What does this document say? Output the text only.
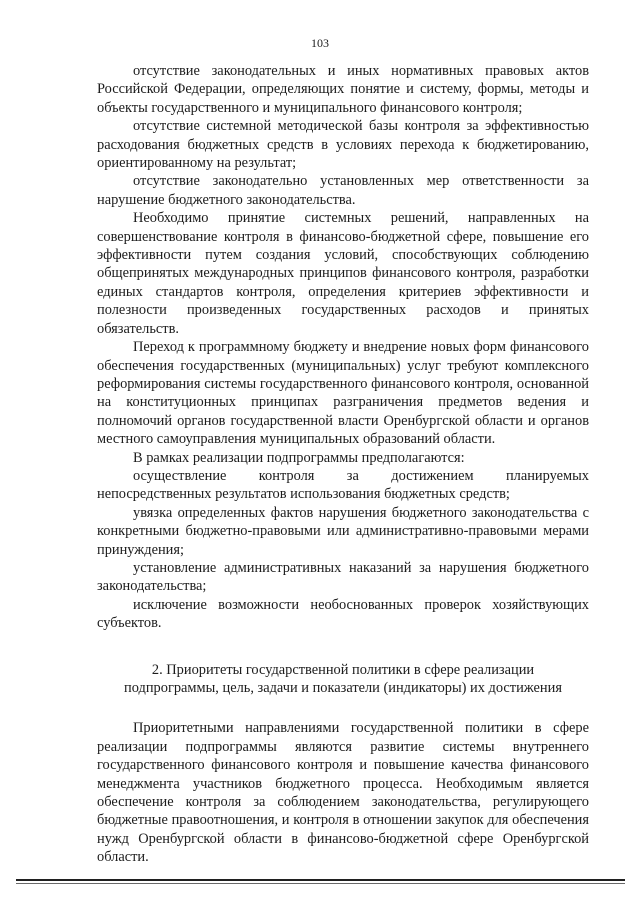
103

отсутствие законодательных и иных нормативных правовых актов Российской Федерации, определяющих понятие и систему, формы, методы и объекты государственного и муниципального финансового контроля;

отсутствие системной методической базы контроля за эффективностью расходования бюджетных средств в условиях перехода к бюджетированию, ориентированному на результат;

отсутствие законодательно установленных мер ответственности за нарушение бюджетного законодательства.

Необходимо принятие системных решений, направленных на совершенствование контроля в финансово-бюджетной сфере, повышение его эффективности путем создания условий, способствующих соблюдению общепринятых международных принципов финансового контроля, разработки единых стандартов контроля, определения критериев эффективности и полезности произведенных государственных расходов и принятых обязательств.

Переход к программному бюджету и внедрение новых форм финансового обеспечения государственных (муниципальных) услуг требуют комплексного реформирования системы государственного финансового контроля, основанной на конституционных принципах разграничения предметов ведения и полномочий органов государственной власти Оренбургской области и органов местного самоуправления муниципальных образований области.

В рамках реализации подпрограммы предполагаются:

осуществление контроля за достижением планируемых непосредственных результатов использования бюджетных средств;

увязка определенных фактов нарушения бюджетного законодательства с конкретными бюджетно-правовыми или административно-правовыми мерами принуждения;

установление административных наказаний за нарушения бюджетного законодательства;

исключение возможности необоснованных проверок хозяйствующих субъектов.

2. Приоритеты государственной политики в сфере реализации
подпрограммы, цель, задачи и показатели (индикаторы) их достижения

Приоритетными направлениями государственной политики в сфере реализации подпрограммы являются развитие системы внутреннего государственного финансового контроля и повышение качества финансового менеджмента участников бюджетного процесса. Необходимым является обеспечение контроля за соблюдением законодательства, регулирующего бюджетные правоотношения, и контроля в отношении закупок для обеспечения нужд Оренбургской области в финансово-бюджетной сфере Оренбургской области.
